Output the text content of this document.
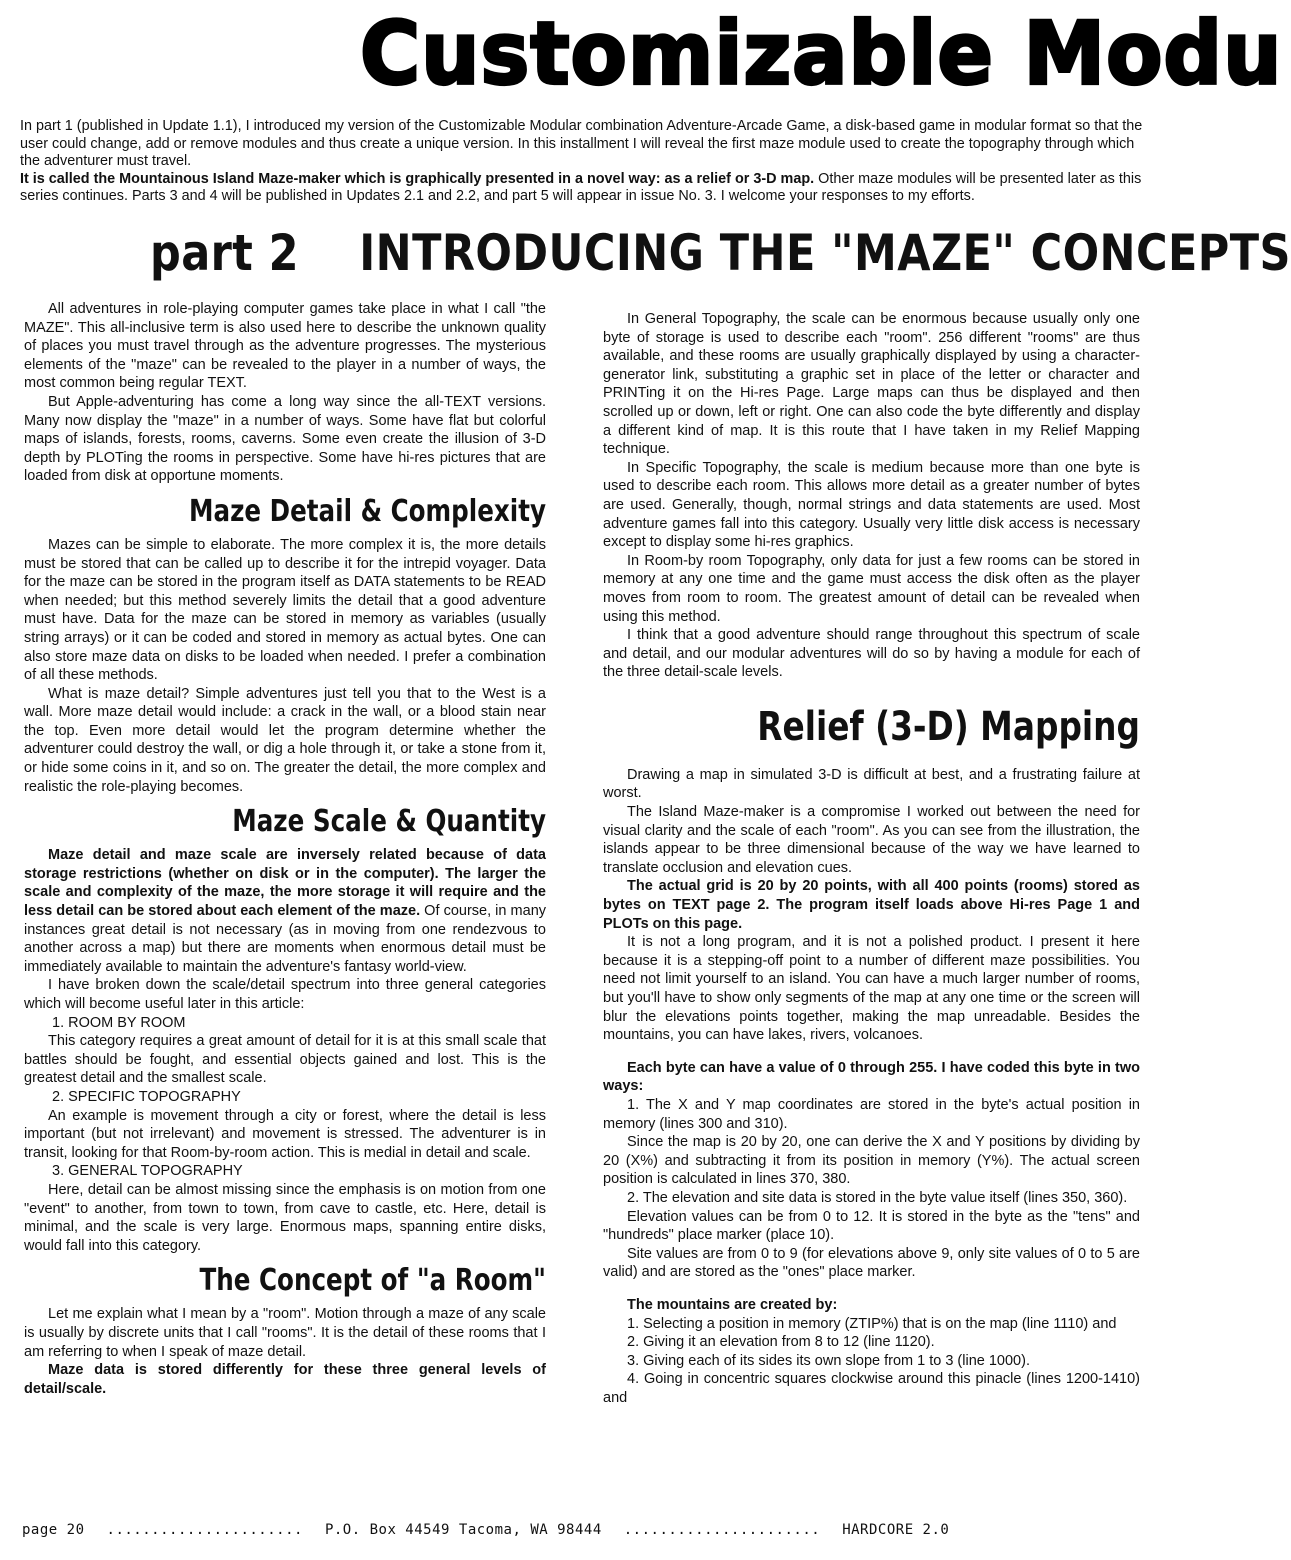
Customizable Modu

In part 1 (published in Update 1.1), I introduced my version of the Customizable Modular combination Adventure-Arcade Game, a disk-based game in modular format so that the user could change, add or remove modules and thus create a unique version. In this installment I will reveal the first maze module used to create the topography through which the adventurer must travel.

It is called the Mountainous Island Maze-maker which is graphically presented in a novel way: as a relief or 3-D map. Other maze modules will be presented later as this series continues. Parts 3 and 4 will be published in Updates 2.1 and 2.2, and part 5 will appear in issue No. 3. I welcome your responses to my efforts.

part 2 INTRODUCING THE "MAZE" CONCEPTS

All adventures in role-playing computer games take place in what I call "the MAZE". This all-inclusive term is also used here to describe the unknown quality of places you must travel through as the adventure progresses. The mysterious elements of the "maze" can be revealed to the player in a number of ways, the most common being regular TEXT.

But Apple-adventuring has come a long way since the all-TEXT versions. Many now display the "maze" in a number of ways. Some have flat but colorful maps of islands, forests, rooms, caverns. Some even create the illusion of 3-D depth by PLOTing the rooms in perspective. Some have hi-res pictures that are loaded from disk at opportune moments.

Maze Detail & Complexity

Mazes can be simple to elaborate. The more complex it is, the more details must be stored that can be called up to describe it for the intrepid voyager. Data for the maze can be stored in the program itself as DATA statements to be READ when needed; but this method severely limits the detail that a good adventure must have. Data for the maze can be stored in memory as variables (usually string arrays) or it can be coded and stored in memory as actual bytes. One can also store maze data on disks to be loaded when needed. I prefer a combination of all these methods.

What is maze detail? Simple adventures just tell you that to the West is a wall. More maze detail would include: a crack in the wall, or a blood stain near the top. Even more detail would let the program determine whether the adventurer could destroy the wall, or dig a hole through it, or take a stone from it, or hide some coins in it, and so on. The greater the detail, the more complex and realistic the role-playing becomes.

Maze Scale & Quantity

Maze detail and maze scale are inversely related because of data storage restrictions (whether on disk or in the computer). The larger the scale and complexity of the maze, the more storage it will require and the less detail can be stored about each element of the maze. Of course, in many instances great detail is not necessary (as in moving from one rendezvous to another across a map) but there are moments when enormous detail must be immediately available to maintain the adventure's fantasy world-view.

I have broken down the scale/detail spectrum into three general categories which will become useful later in this article:

1. ROOM BY ROOM

This category requires a great amount of detail for it is at this small scale that battles should be fought, and essential objects gained and lost. This is the greatest detail and the smallest scale.

2. SPECIFIC TOPOGRAPHY

An example is movement through a city or forest, where the detail is less important (but not irrelevant) and movement is stressed. The adventurer is in transit, looking for that Room-by-room action. This is medial in detail and scale.

3. GENERAL TOPOGRAPHY

Here, detail can be almost missing since the emphasis is on motion from one "event" to another, from town to town, from cave to castle, etc. Here, detail is minimal, and the scale is very large. Enormous maps, spanning entire disks, would fall into this category.

The Concept of "a Room"

Let me explain what I mean by a "room". Motion through a maze of any scale is usually by discrete units that I call "rooms". It is the detail of these rooms that I am referring to when I speak of maze detail.

Maze data is stored differently for these three general levels of detail/scale.

In General Topography, the scale can be enormous because usually only one byte of storage is used to describe each "room". 256 different "rooms" are thus available, and these rooms are usually graphically displayed by using a character-generator link, substituting a graphic set in place of the letter or character and PRINTing it on the Hi-res Page. Large maps can thus be displayed and then scrolled up or down, left or right. One can also code the byte differently and display a different kind of map. It is this route that I have taken in my Relief Mapping technique.

In Specific Topography, the scale is medium because more than one byte is used to describe each room. This allows more detail as a greater number of bytes are used. Generally, though, normal strings and data statements are used. Most adventure games fall into this category. Usually very little disk access is necessary except to display some hi-res graphics.

In Room-by room Topography, only data for just a few rooms can be stored in memory at any one time and the game must access the disk often as the player moves from room to room. The greatest amount of detail can be revealed when using this method.

I think that a good adventure should range throughout this spectrum of scale and detail, and our modular adventures will do so by having a module for each of the three detail-scale levels.

Relief (3-D) Mapping

Drawing a map in simulated 3-D is difficult at best, and a frustrating failure at worst.

The Island Maze-maker is a compromise I worked out between the need for visual clarity and the scale of each "room". As you can see from the illustration, the islands appear to be three dimensional because of the way we have learned to translate occlusion and elevation cues.

The actual grid is 20 by 20 points, with all 400 points (rooms) stored as bytes on TEXT page 2. The program itself loads above Hi-res Page 1 and PLOTs on this page.

It is not a long program, and it is not a polished product. I present it here because it is a stepping-off point to a number of different maze possibilities. You need not limit yourself to an island. You can have a much larger number of rooms, but you'll have to show only segments of the map at any one time or the screen will blur the elevations points together, making the map unreadable. Besides the mountains, you can have lakes, rivers, volcanoes.

Each byte can have a value of 0 through 255. I have coded this byte in two ways:

1. The X and Y map coordinates are stored in the byte's actual position in memory (lines 300 and 310).

Since the map is 20 by 20, one can derive the X and Y positions by dividing by 20 (X%) and subtracting it from its position in memory (Y%). The actual screen position is calculated in lines 370, 380.

2. The elevation and site data is stored in the byte value itself (lines 350, 360).

Elevation values can be from 0 to 12. It is stored in the byte as the "tens" and "hundreds" place marker (place 10).

Site values are from 0 to 9 (for elevations above 9, only site values of 0 to 5 are valid) and are stored as the "ones" place marker.

The mountains are created by:

1. Selecting a position in memory (ZTIP%) that is on the map (line 1110) and

2. Giving it an elevation from 8 to 12 (line 1120).

3. Giving each of its sides its own slope from 1 to 3 (line 1000).

4. Going in concentric squares clockwise around this pinacle (lines 1200-1410) and

page 20 ...................... P.O. Box 44549 Tacoma, WA 98444 ...................... HARDCORE 2.0
